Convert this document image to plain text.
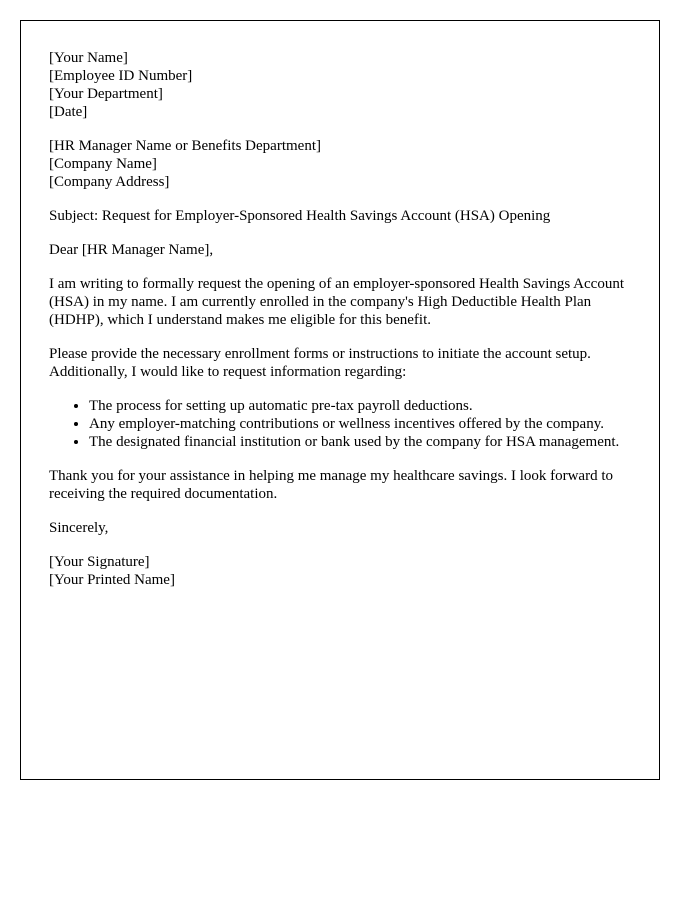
[Your Name]
[Employee ID Number]
[Your Department]
[Date]
[HR Manager Name or Benefits Department]
[Company Name]
[Company Address]

Subject: Request for Employer-Sponsored Health Savings Account (HSA) Opening

Dear [HR Manager Name],

I am writing to formally request the opening of an employer-sponsored Health Savings Account (HSA) in my name. I am currently enrolled in the company's High Deductible Health Plan (HDHP), which I understand makes me eligible for this benefit.

Please provide the necessary enrollment forms or instructions to initiate the account setup. Additionally, I would like to request information regarding:

• The process for setting up automatic pre-tax payroll deductions.
• Any employer-matching contributions or wellness incentives offered by the company.
• The designated financial institution or bank used by the company for HSA management.

Thank you for your assistance in helping me manage my healthcare savings. I look forward to receiving the required documentation.

Sincerely,

[Your Signature]
[Your Printed Name]
